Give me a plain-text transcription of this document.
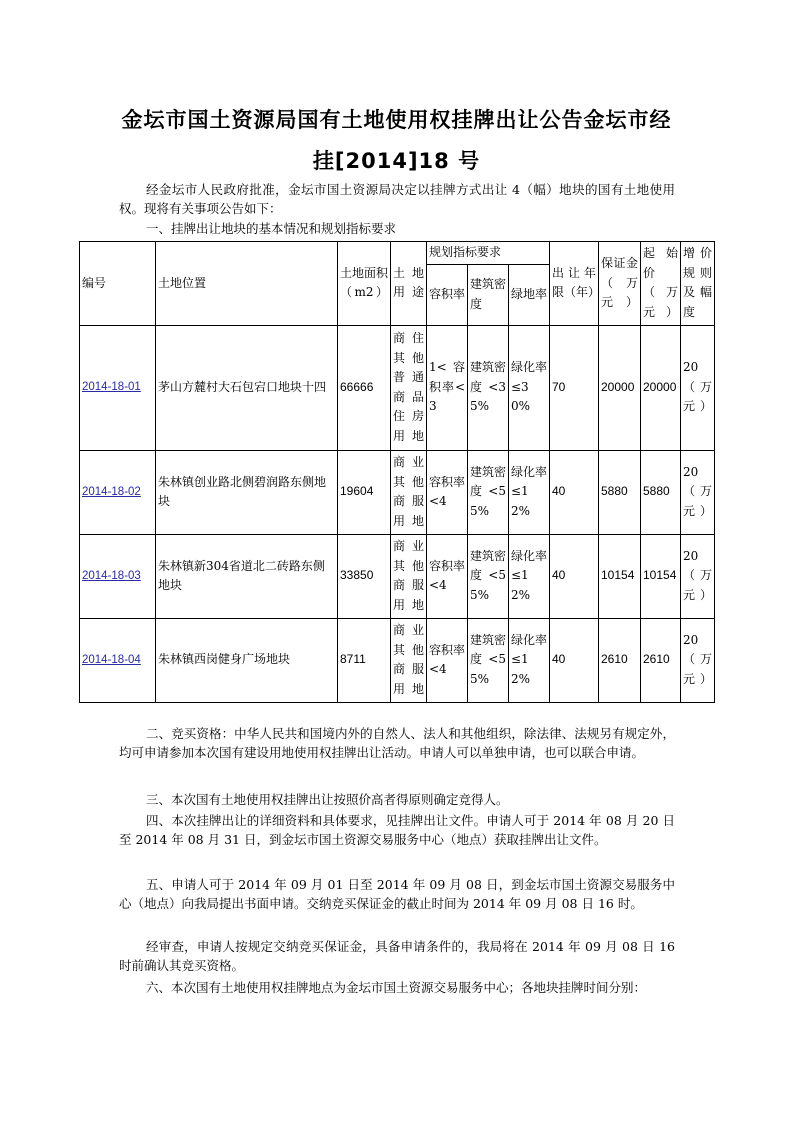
金坛市国土资源局国有土地使用权挂牌出让公告金坛市经
挂[2014]18 号
经金坛市人民政府批准，金坛市国土资源局决定以挂牌方式出让 4（幅）地块的国有土地使用权。现将有关事项公告如下：
一、挂牌出让地块的基本情况和规划指标要求
编号	土地位置	土地面积（m2）	土地用途	规划指标要求			出让年限（年）	保证金（万元）	起始价（万元）	增价规则及幅度
				容积率	建筑密度	绿地率				
2014-18-01	茅山方麓村大石包宕口地块十四	66666	商住其他普通商品住房用地	1< 容积率<3	建筑密度<35%	绿化率≤30%	70	20000	20000	20（万元）
2014-18-02	朱林镇创业路北侧碧润路东侧地块	19604	商业其他商服用地	容积率<4	建筑密度<55%	绿化率≤12%	40	5880	5880	20（万元）
2014-18-03	朱林镇新304省道北二砖路东侧地块	33850	商业其他商服用地	容积率<4	建筑密度<55%	绿化率≤12%	40	10154	10154	20（万元）
2014-18-04	朱林镇西岗健身广场地块	8711	商业其他商服用地	容积率<4	建筑密度<55%	绿化率≤12%	40	2610	2610	20（万元）
二、竞买资格：中华人民共和国境内外的自然人、法人和其他组织，除法律、法规另有规定外，均可申请参加本次国有建设用地使用权挂牌出让活动。申请人可以单独申请，也可以联合申请。
三、本次国有土地使用权挂牌出让按照价高者得原则确定竞得人。
四、本次挂牌出让的详细资料和具体要求，见挂牌出让文件。申请人可于 2014 年 08 月 20 日至 2014 年 08 月 31 日，到金坛市国土资源交易服务中心（地点）获取挂牌出让文件。
五、申请人可于 2014 年 09 月 01 日至 2014 年 09 月 08 日，到金坛市国土资源交易服务中心（地点）向我局提出书面申请。交纳竞买保证金的截止时间为 2014 年 09 月 08 日 16 时。
经审查，申请人按规定交纳竞买保证金，具备申请条件的，我局将在 2014 年 09 月 08 日 16 时前确认其竞买资格。
六、本次国有土地使用权挂牌地点为金坛市国土资源交易服务中心；各地块挂牌时间分别：
